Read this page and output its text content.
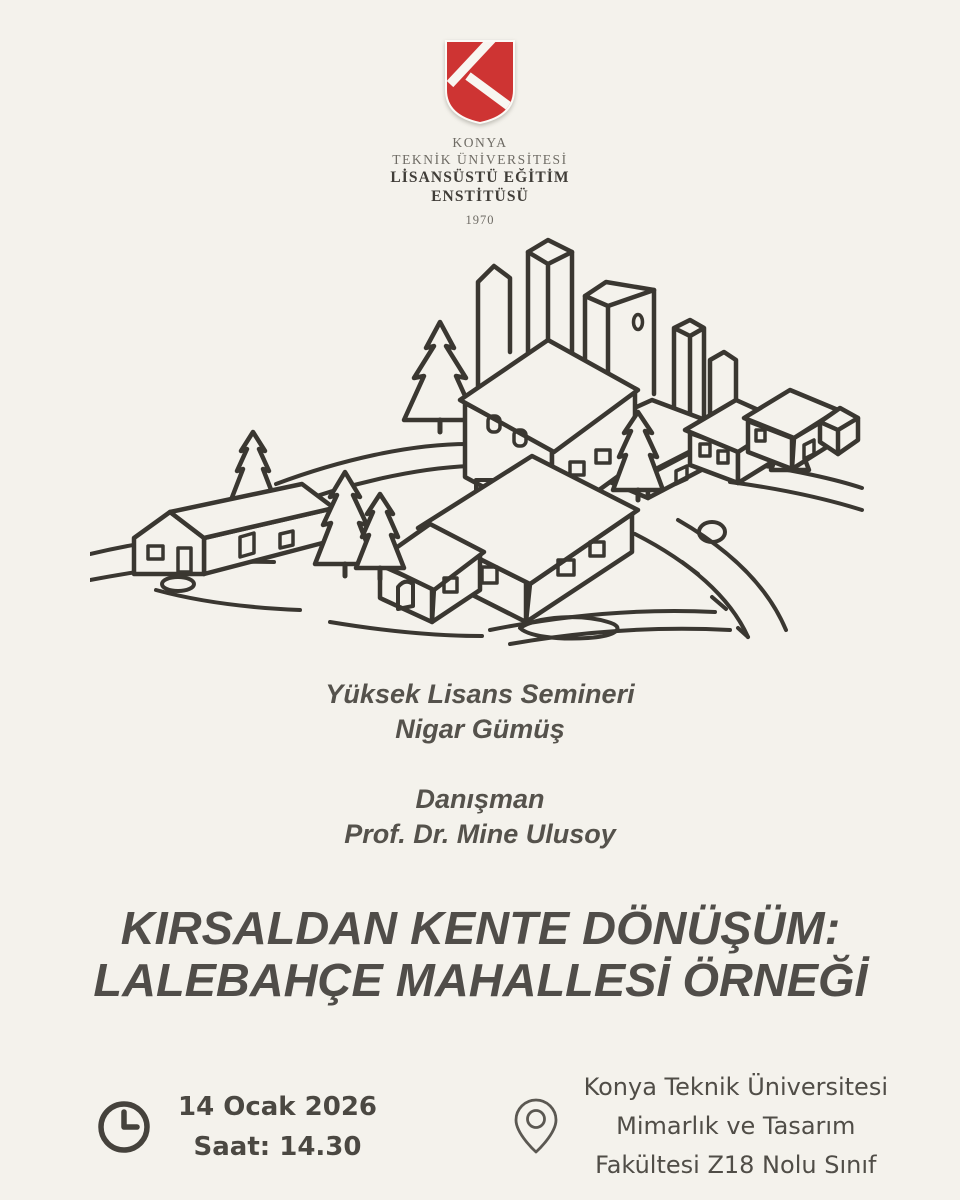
KONYA
TEKNİK ÜNİVERSİTESİ
LİSANSÜSTÜ EĞİTİM
ENSTİTÜSÜ
1970
Yüksek Lisans Semineri
Nigar Gümüş
Danışman
Prof. Dr. Mine Ulusoy
KIRSALDAN KENTE DÖNÜŞÜM:
LALEBAHÇE MAHALLESİ ÖRNEĞİ
14 Ocak 2026
Saat: 14.30
Konya Teknik Üniversitesi
Mimarlık ve Tasarım
Fakültesi Z18 Nolu Sınıf
